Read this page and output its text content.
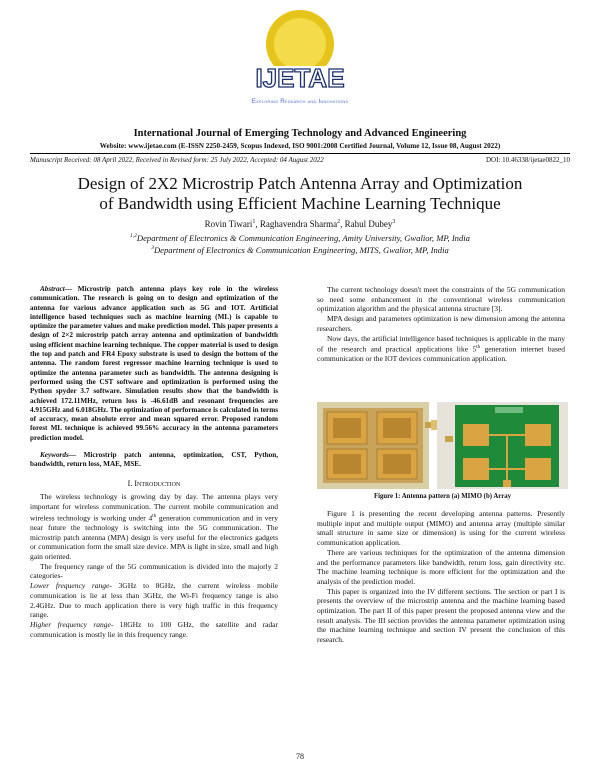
IJETAE
Exploring Research and Innovations
International Journal of Emerging Technology and Advanced Engineering
Website: www.ijetae.com (E-ISSN 2250-2459, Scopus Indexed, ISO 9001:2008 Certified Journal, Volume 12, Issue 08, August 2022)
Manuscript Received: 08 April 2022, Received in Revised form: 25 July 2022, Accepted: 04 August 2022	DOI: 10.46338/ijetae0822_10
Design of 2X2 Microstrip Patch Antenna Array and Optimization
of Bandwidth using Efficient Machine Learning Technique
Rovin Tiwari$^1$, Raghavendra Sharma$^2$, Rahul Dubey$^3$
$^{1,2}$Department of Electronics & Communication Engineering, Amity University, Gwalior, MP, India
$^3$Department of Electronics & Communication Engineering, MITS, Gwalior, MP, India

Abstract— Microstrip patch antenna plays key role in the wireless communication. The research is going on to design and optimization of the antenna for various advance application such as 5G and IOT. Artificial intelligence based techniques such as machine learning (ML) is capable to optimize the parameter values and make prediction model. This paper presents a design of 2×2 microstrip patch array antenna and optimization of bandwidth using efficient machine learning technique. The copper material is used to design the top and patch and FR4 Epoxy substrate is used to design the bottom of the antenna. The random forest regressor machine learning technique is used to optimize the antenna parameter such as bandwidth. The antenna designing is performed using the CST software and optimization is performed using the Python spyder 3.7 software. Simulation results show that the bandwidth is achieved 172.11MHz, return loss is -46.61dB and resonant frequencies are 4.915GHz and 6.018GHz. The optimization of performance is calculated in terms of accuracy, mean absolute error and mean squared error. Proposed random forest ML technique is achieved 99.56% accuracy in the antenna parameters prediction model.

Keywords— Microstrip patch antenna, optimization, CST, Python, bandwidth, return loss, MAE, MSE.

I. Introduction

The wireless technology is growing day by day. The antenna plays very important for wireless communication. The current mobile communication and wireless technology is working under 4th generation communication and in very near future the technology is switching into the 5G communication. The microstrip patch antenna (MPA) design is very useful for the electronics gadgets or communication form the small size device. MPA is light in size, small and high gain oriented.

The frequency range of the 5G communication is divided into the majorly 2 categories-

Lower frequency range- 3GHz to 8GHz, the current wireless mobile communication is lie at less than 3GHz, the Wi-Fi frequency range is also 2.4GHz. Due to much application there is very high traffic in this frequency range.

Higher frequency range- 18GHz to 100 GHz, the satellite and radar communication is mostly lie in this frequency range.

The current technology doesn't meet the constraints of the 5G communication so need some enhancement in the conventional wireless communication optimization algorithm and the physical antenna structure [3].

MPA design and parameters optimization is new dimension among the antenna researchers.

Now days, the artificial intelligence based techniques is applicable in the many of the research and practical applications like 5th generation internet based communication or the IOT devices communication application.

Figure 1: Antenna pattern (a) MIMO (b) Array

Figure 1 is presenting the recent developing antenna patterns. Presently multiple input and multiple output (MIMO) and antenna array (multiple similar small structure in same size or dimension) is using for the current wireless communication application.

There are various techniques for the optimization of the antenna dimension and the performance parameters like bandwidth, return loss, gain directivity etc. The machine learning technique is more efficient for the optimization and the analysis of the prediction model.

This paper is organized into the IV different sections. The section or part I is presents the overview of the microstrip antenna and the machine learning based optimization. The part II of this paper present the proposed antenna view and the result analysis. The III section provides the antenna parameter optimization using the machine learning technique and section IV present the conclusion of this research.

78
